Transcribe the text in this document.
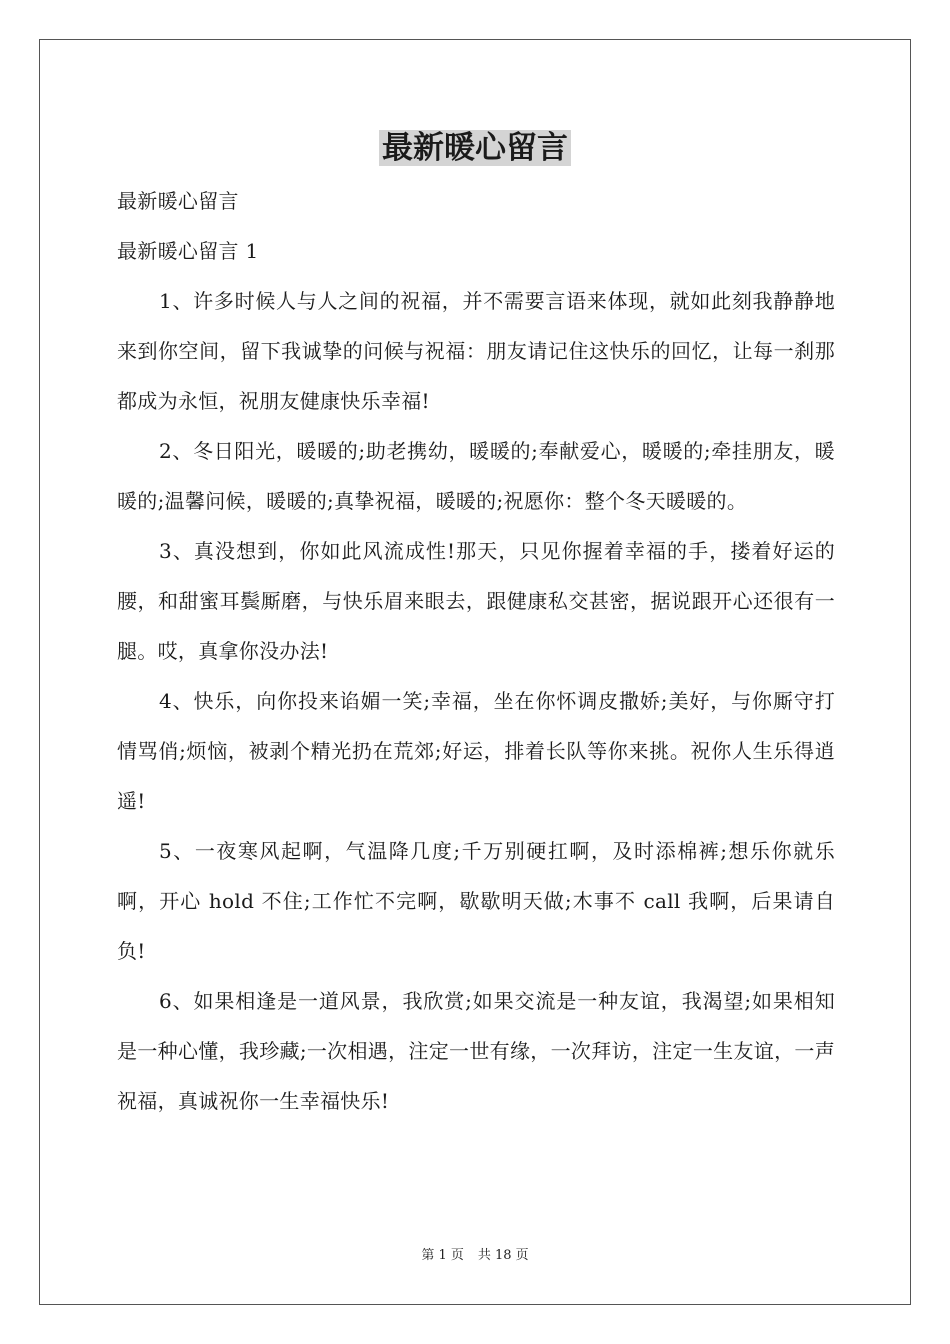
最新暖心留言

最新暖心留言

最新暖心留言 1

1、许多时候人与人之间的祝福，并不需要言语来体现，就如此刻我静静地来到你空间，留下我诚挚的问候与祝福：朋友请记住这快乐的回忆，让每一刹那都成为永恒，祝朋友健康快乐幸福!

2、冬日阳光，暖暖的;助老携幼，暖暖的;奉献爱心，暖暖的;牵挂朋友，暖暖的;温馨问候，暖暖的;真挚祝福，暖暖的;祝愿你：整个冬天暖暖的。

3、真没想到，你如此风流成性!那天，只见你握着幸福的手，搂着好运的腰，和甜蜜耳鬓厮磨，与快乐眉来眼去，跟健康私交甚密，据说跟开心还很有一腿。哎，真拿你没办法!

4、快乐，向你投来谄媚一笑;幸福，坐在你怀调皮撒娇;美好，与你厮守打情骂俏;烦恼，被剥个精光扔在荒郊;好运，排着长队等你来挑。祝你人生乐得逍遥!

5、一夜寒风起啊，气温降几度;千万别硬扛啊，及时添棉裤;想乐你就乐啊，开心 hold 不住;工作忙不完啊，歇歇明天做;木事不 call 我啊，后果请自负!

6、如果相逢是一道风景，我欣赏;如果交流是一种友谊，我渴望;如果相知是一种心懂，我珍藏;一次相遇，注定一世有缘，一次拜访，注定一生友谊，一声祝福，真诚祝你一生幸福快乐!

第 1 页 共 18 页
